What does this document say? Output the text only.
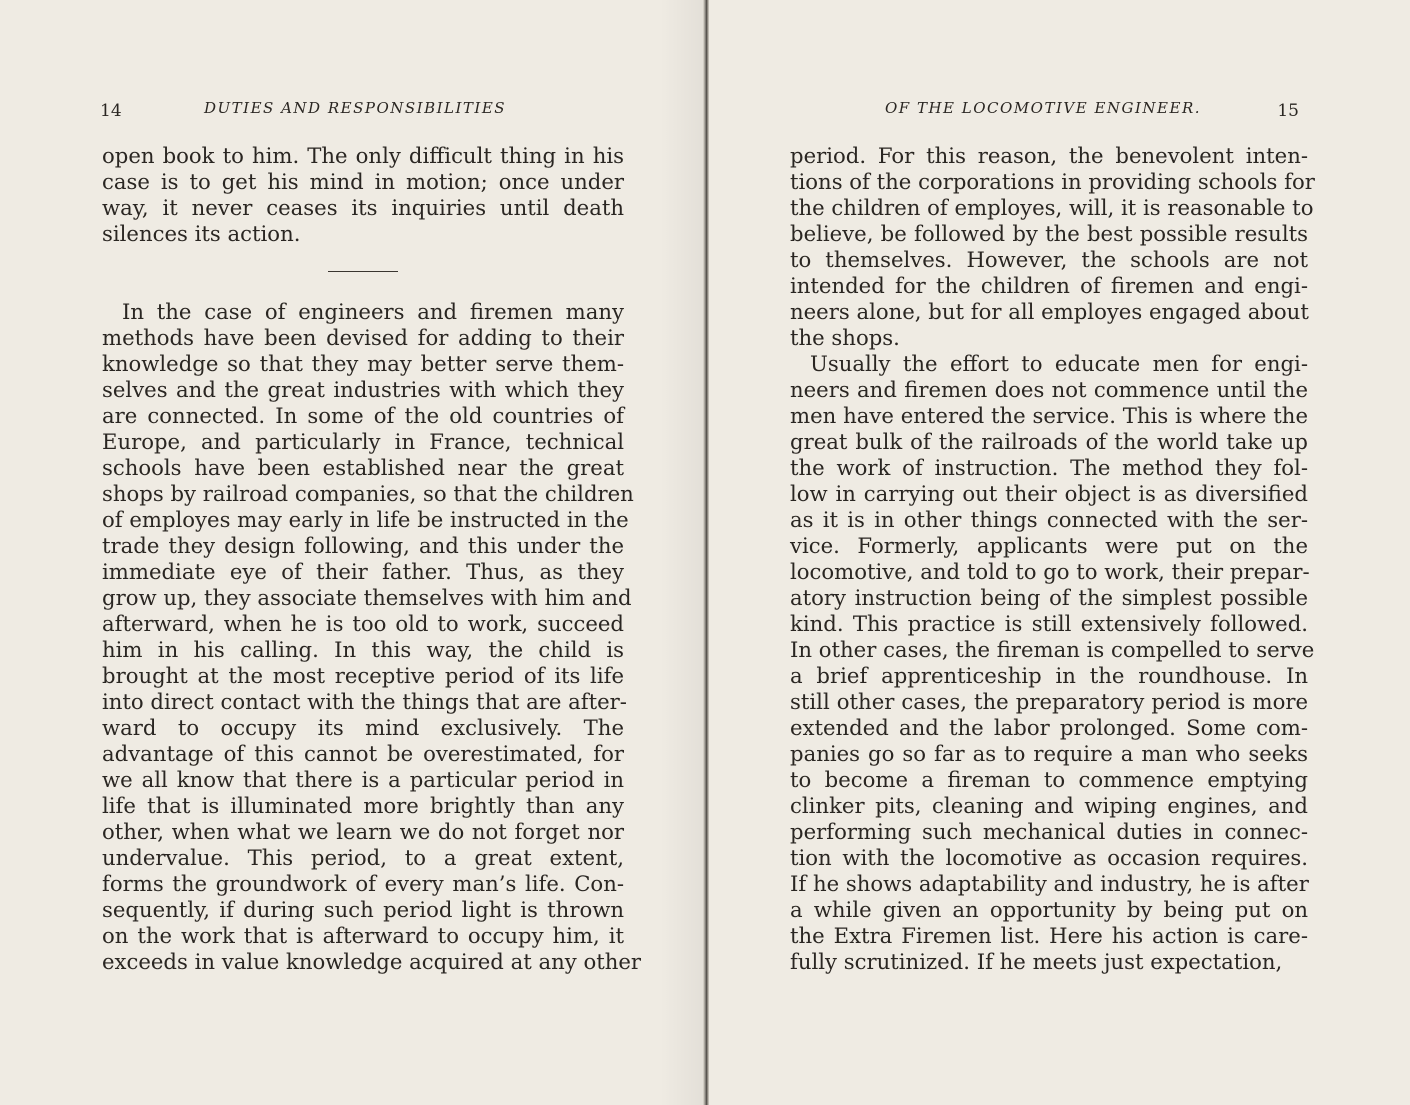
14	DUTIES AND RESPONSIBILITIES
open book to him. The only difficult thing in his
case is to get his mind in motion; once under
way, it never ceases its inquiries until death
silences its action.
In the case of engineers and firemen many
methods have been devised for adding to their
knowledge so that they may better serve them-
selves and the great industries with which they
are connected. In some of the old countries of
Europe, and particularly in France, technical
schools have been established near the great
shops by railroad companies, so that the children
of employes may early in life be instructed in the
trade they design following, and this under the
immediate eye of their father. Thus, as they
grow up, they associate themselves with him and
afterward, when he is too old to work, succeed
him in his calling. In this way, the child is
brought at the most receptive period of its life
into direct contact with the things that are after-
ward to occupy its mind exclusively. The
advantage of this cannot be overestimated, for
we all know that there is a particular period in
life that is illuminated more brightly than any
other, when what we learn we do not forget nor
undervalue. This period, to a great extent,
forms the groundwork of every man’s life. Con-
sequently, if during such period light is thrown
on the work that is afterward to occupy him, it
exceeds in value knowledge acquired at any other
OF THE LOCOMOTIVE ENGINEER.	15
period. For this reason, the benevolent inten-
tions of the corporations in providing schools for
the children of employes, will, it is reasonable to
believe, be followed by the best possible results
to themselves. However, the schools are not
intended for the children of firemen and engi-
neers alone, but for all employes engaged about
the shops.
Usually the effort to educate men for engi-
neers and firemen does not commence until the
men have entered the service. This is where the
great bulk of the railroads of the world take up
the work of instruction. The method they fol-
low in carrying out their object is as diversified
as it is in other things connected with the ser-
vice. Formerly, applicants were put on the
locomotive, and told to go to work, their prepar-
atory instruction being of the simplest possible
kind. This practice is still extensively followed.
In other cases, the fireman is compelled to serve
a brief apprenticeship in the roundhouse. In
still other cases, the preparatory period is more
extended and the labor prolonged. Some com-
panies go so far as to require a man who seeks
to become a fireman to commence emptying
clinker pits, cleaning and wiping engines, and
performing such mechanical duties in connec-
tion with the locomotive as occasion requires.
If he shows adaptability and industry, he is after
a while given an opportunity by being put on
the Extra Firemen list. Here his action is care-
fully scrutinized. If he meets just expectation,
